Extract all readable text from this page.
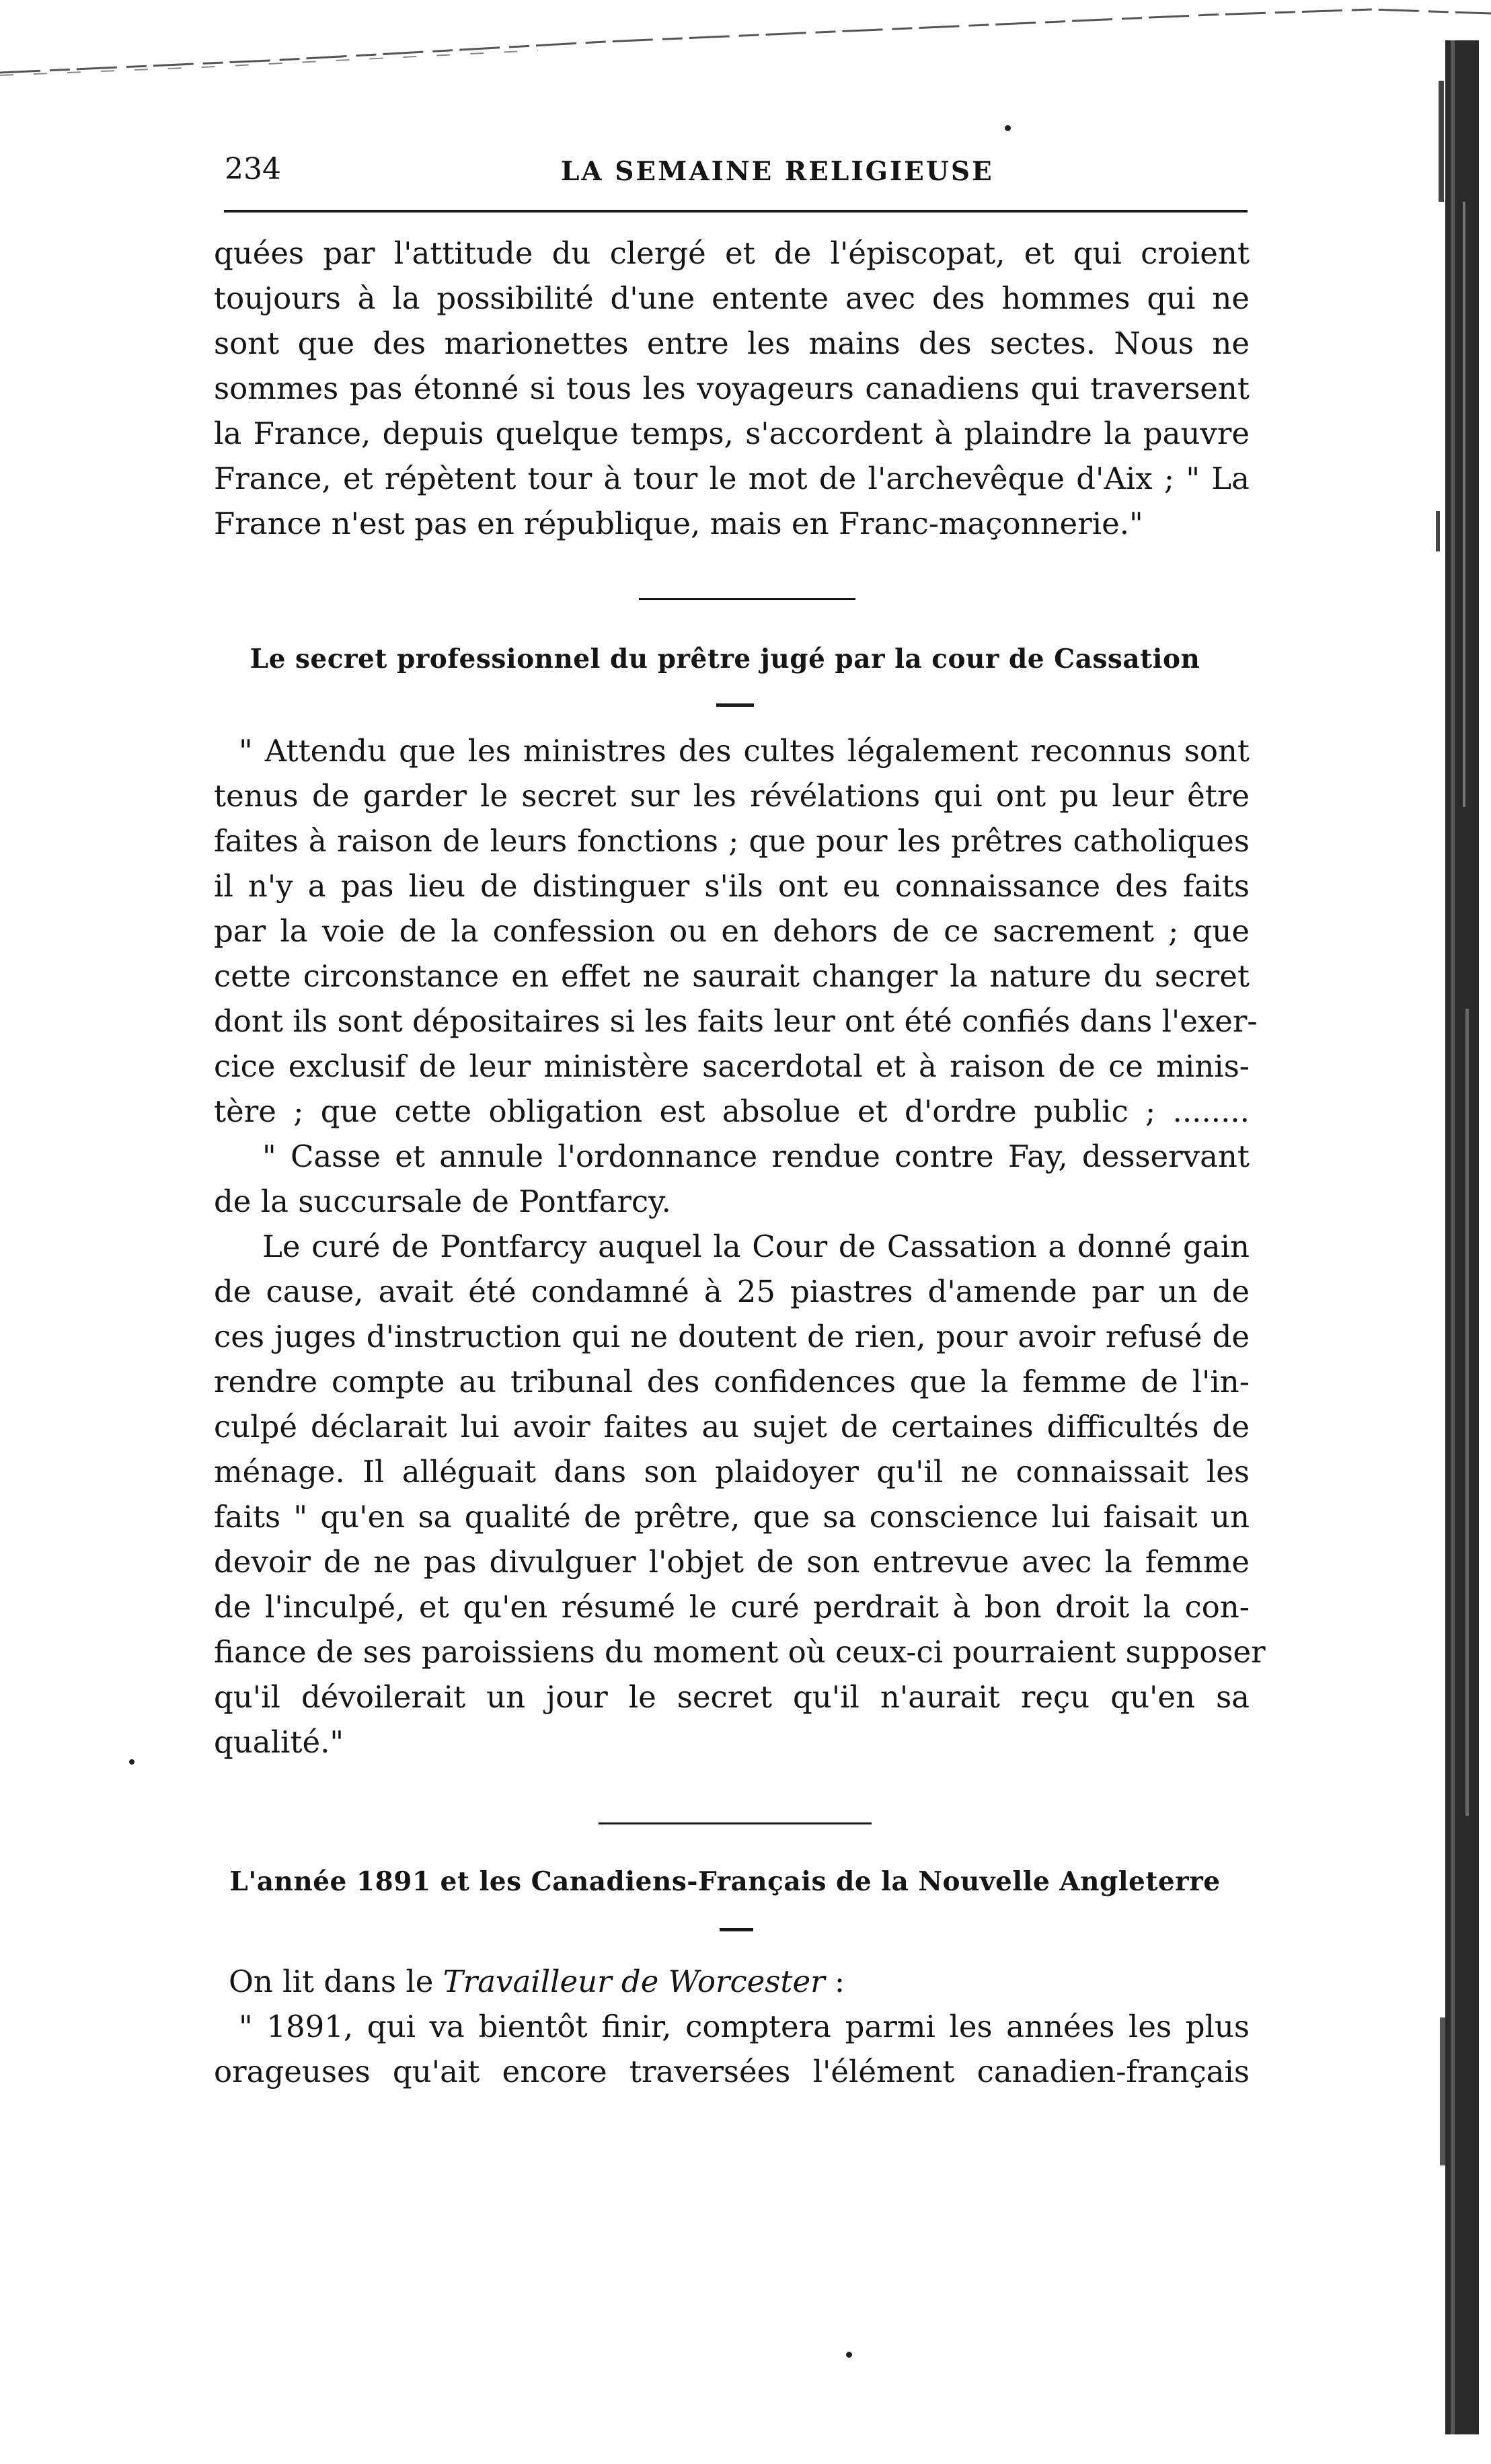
234	LA SEMAINE RELIGIEUSE
quées par l'attitude du clergé et de l'épiscopat, et qui croient
toujours à la possibilité d'une entente avec des hommes qui ne
sont que des marionettes entre les mains des sectes. Nous ne
sommes pas étonné si tous les voyageurs canadiens qui traversent
la France, depuis quelque temps, s'accordent à plaindre la pauvre
France, et répètent tour à tour le mot de l'archevêque d'Aix ; " La
France n'est pas en république, mais en Franc-maçonnerie."
Le secret professionnel du prêtre jugé par la cour de Cassation
" Attendu que les ministres des cultes légalement reconnus sont
tenus de garder le secret sur les révélations qui ont pu leur être
faites à raison de leurs fonctions ; que pour les prêtres catholiques
il n'y a pas lieu de distinguer s'ils ont eu connaissance des faits
par la voie de la confession ou en dehors de ce sacrement ; que
cette circonstance en effet ne saurait changer la nature du secret
dont ils sont dépositaires si les faits leur ont été confiés dans l'exer-
cice exclusif de leur ministère sacerdotal et à raison de ce minis-
tère ; que cette obligation est absolue et d'ordre public ; ........
" Casse et annule l'ordonnance rendue contre Fay, desservant
de la succursale de Pontfarcy.
Le curé de Pontfarcy auquel la Cour de Cassation a donné gain
de cause, avait été condamné à 25 piastres d'amende par un de
ces juges d'instruction qui ne doutent de rien, pour avoir refusé de
rendre compte au tribunal des confidences que la femme de l'in-
culpé déclarait lui avoir faites au sujet de certaines difficultés de
ménage. Il alléguait dans son plaidoyer qu'il ne connaissait les
faits " qu'en sa qualité de prêtre, que sa conscience lui faisait un
devoir de ne pas divulguer l'objet de son entrevue avec la femme
de l'inculpé, et qu'en résumé le curé perdrait à bon droit la con-
fiance de ses paroissiens du moment où ceux-ci pourraient supposer
qu'il dévoilerait un jour le secret qu'il n'aurait reçu qu'en sa
qualité."
L'année 1891 et les Canadiens-Français de la Nouvelle Angleterre
On lit dans le Travailleur de Worcester :
" 1891, qui va bientôt finir, comptera parmi les années les plus
orageuses qu'ait encore traversées l'élément canadien-français
